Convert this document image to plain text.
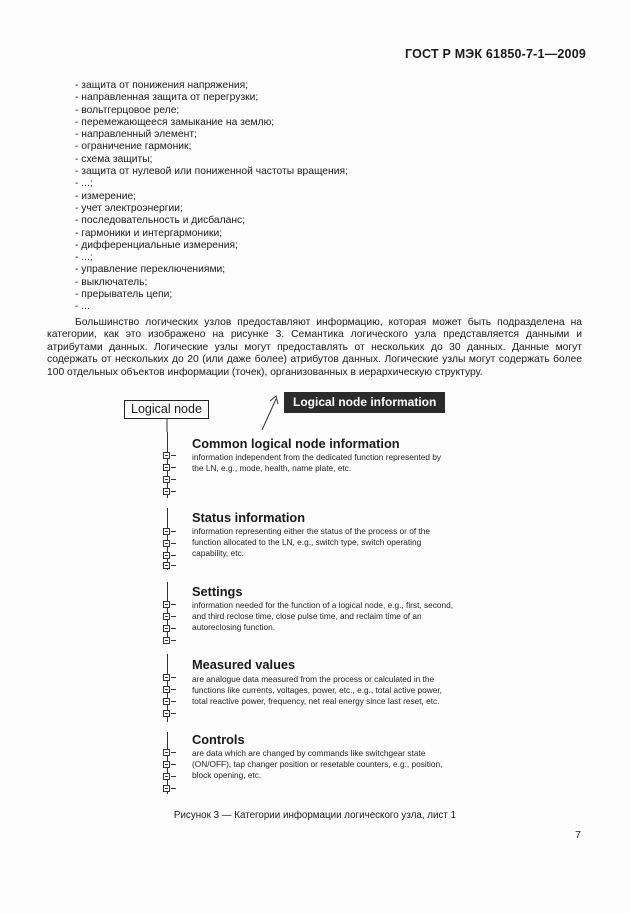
ГОСТ Р МЭК 61850-7-1—2009
- защита от понижения напряжения;
- направленная защита от перегрузки;
- вольтгерцовое реле;
- перемежающееся замыкание на землю;
- направленный элемент;
- ограничение гармоник;
- схема защиты;
- защита от нулевой или пониженной частоты вращения;
- ...;
- измерение;
- учет электроэнергии;
- последовательность и дисбаланс;
- гармоники и интергармоники;
- дифференциальные измерения;
- ...;
- управление переключениями;
- выключатель;
- прерыватель цепи;
- ...

Большинство логических узлов предоставляют информацию, которая может быть подразделена на категории, как это изображено на рисунке 3. Семантика логического узла представляется данными и атрибутами данных. Логические узлы могут предоставлять от нескольких до 30 данных. Данные могут содержать от нескольких до 20 (или даже более) атрибутов данных. Логические узлы могут содержать более 100 отдельных объектов информации (точек), организованных в иерархическую структуру.

Logical node	Logical node information
Common logical node information
information independent from the dedicated function represented by the LN, e.g., mode, health, name plate, etc.
Status information
information representing either the status of the process or of the function allocated to the LN, e.g., switch type, switch operating capability, etc.
Settings
information needed for the function of a logical node, e.g., first, second, and third reclose time, close pulse time, and reclaim time of an autoreclosing function.
Measured values
are analogue data measured from the process or calculated in the functions like currents, voltages, power, etc., e.g., total active power, total reactive power, frequency, net real energy since last reset, etc.
Controls
are data which are changed by commands like switchgear state (ON/OFF), tap changer position or resetable counters, e.g., position, block opening, etc.
Рисунок 3 — Категории информации логического узла, лист 1
7
